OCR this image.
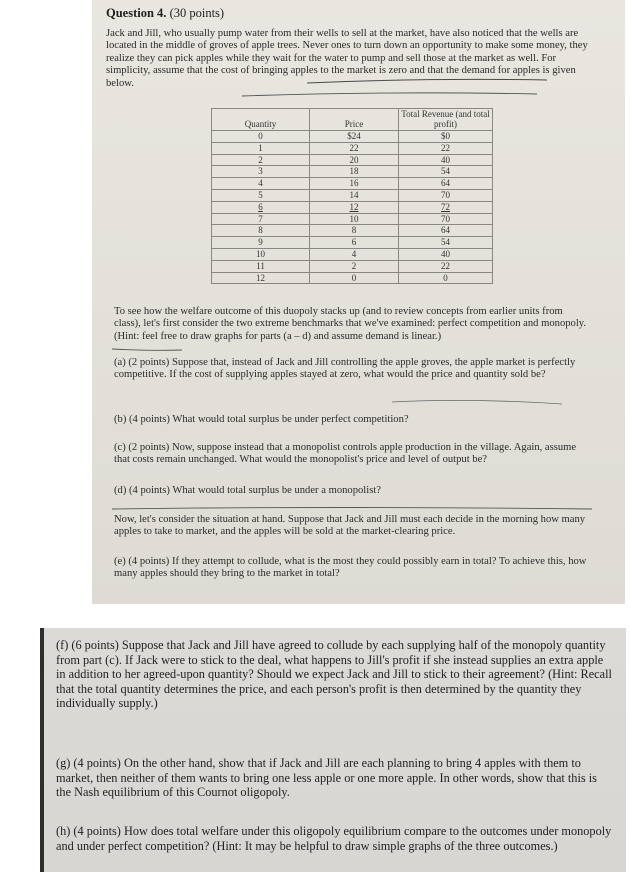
Question 4. (30 points)
Jack and Jill, who usually pump water from their wells to sell at the market, have also noticed that the wells are located in the middle of groves of apple trees. Never ones to turn down an opportunity to make some money, they realize they can pick apples while they wait for the water to pump and sell those at the market as well. For simplicity, assume that the cost of bringing apples to the market is zero and that the demand for apples is given below.
Quantity	Price	Total Revenue (and total profit)
0	$24	$0
1	22	22
2	20	40
3	18	54
4	16	64
5	14	70
6	12	72
7	10	70
8	8	64
9	6	54
10	4	40
11	2	22
12	0	0
To see how the welfare outcome of this duopoly stacks up (and to review concepts from earlier units from class), let's first consider the two extreme benchmarks that we've examined: perfect competition and monopoly. (Hint: feel free to draw graphs for parts (a – d) and assume demand is linear.)
(a) (2 points) Suppose that, instead of Jack and Jill controlling the apple groves, the apple market is perfectly competitive. If the cost of supplying apples stayed at zero, what would the price and quantity sold be?
(b) (4 points) What would total surplus be under perfect competition?
(c) (2 points) Now, suppose instead that a monopolist controls apple production in the village. Again, assume that costs remain unchanged. What would the monopolist's price and level of output be?
(d) (4 points) What would total surplus be under a monopolist?
Now, let's consider the situation at hand. Suppose that Jack and Jill must each decide in the morning how many apples to take to market, and the apples will be sold at the market-clearing price.
(e) (4 points) If they attempt to collude, what is the most they could possibly earn in total? To achieve this, how many apples should they bring to the market in total?
(f) (6 points) Suppose that Jack and Jill have agreed to collude by each supplying half of the monopoly quantity from part (c). If Jack were to stick to the deal, what happens to Jill's profit if she instead supplies an extra apple in addition to her agreed-upon quantity? Should we expect Jack and Jill to stick to their agreement? (Hint: Recall that the total quantity determines the price, and each person's profit is then determined by the quantity they individually supply.)
(g) (4 points) On the other hand, show that if Jack and Jill are each planning to bring 4 apples with them to market, then neither of them wants to bring one less apple or one more apple. In other words, show that this is the Nash equilibrium of this Cournot oligopoly.
(h) (4 points) How does total welfare under this oligopoly equilibrium compare to the outcomes under monopoly and under perfect competition? (Hint: It may be helpful to draw simple graphs of the three outcomes.)
